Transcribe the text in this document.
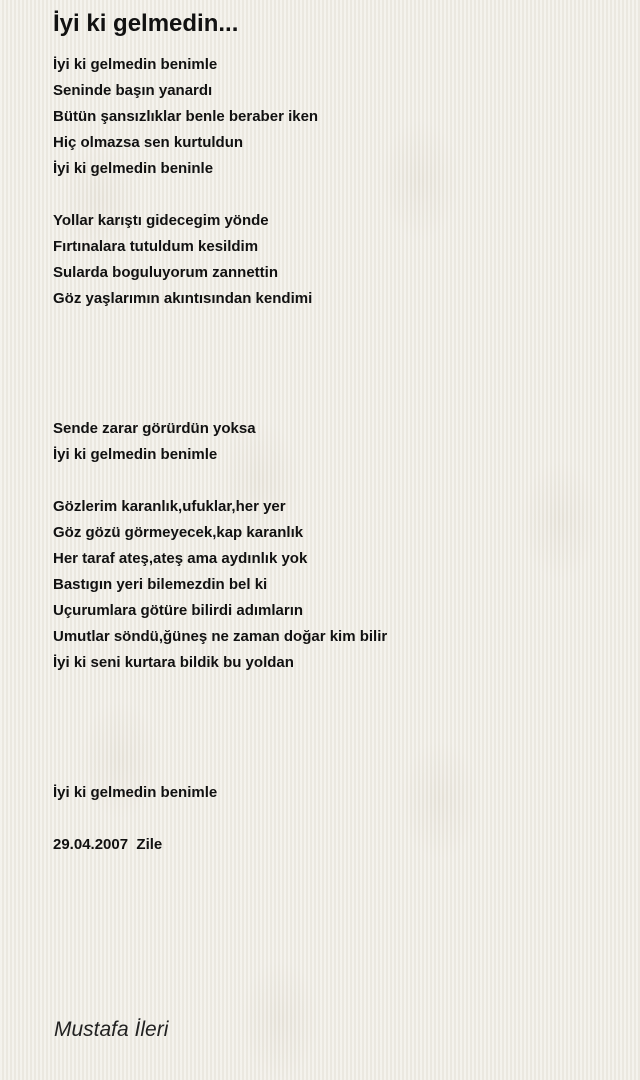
İyi ki gelmedin...
İyi ki gelmedin benimle
Seninde başın yanardı
Bütün şansızlıklar benle beraber iken
Hiç olmazsa sen kurtuldun
İyi ki gelmedin beninle
Yollar karıştı gidecegim yönde
Fırtınalara tutuldum kesildim
Sularda boguluyorum zannettin
Göz yaşlarımın akıntısından kendimi
Sende zarar görürdün yoksa
İyi ki gelmedin benimle
Gözlerim karanlık,ufuklar,her yer
Göz gözü görmeyecek,kap karanlık
Her taraf ateş,ateş ama aydınlık yok
Bastıgın yeri bilemezdin bel ki
Uçurumlara götüre bilirdi adımların
Umutlar söndü,ğüneş ne zaman doğar kim bilir
İyi ki seni kurtara bildik bu yoldan
İyi ki gelmedin benimle
29.04.2007  Zile
Mustafa İleri
